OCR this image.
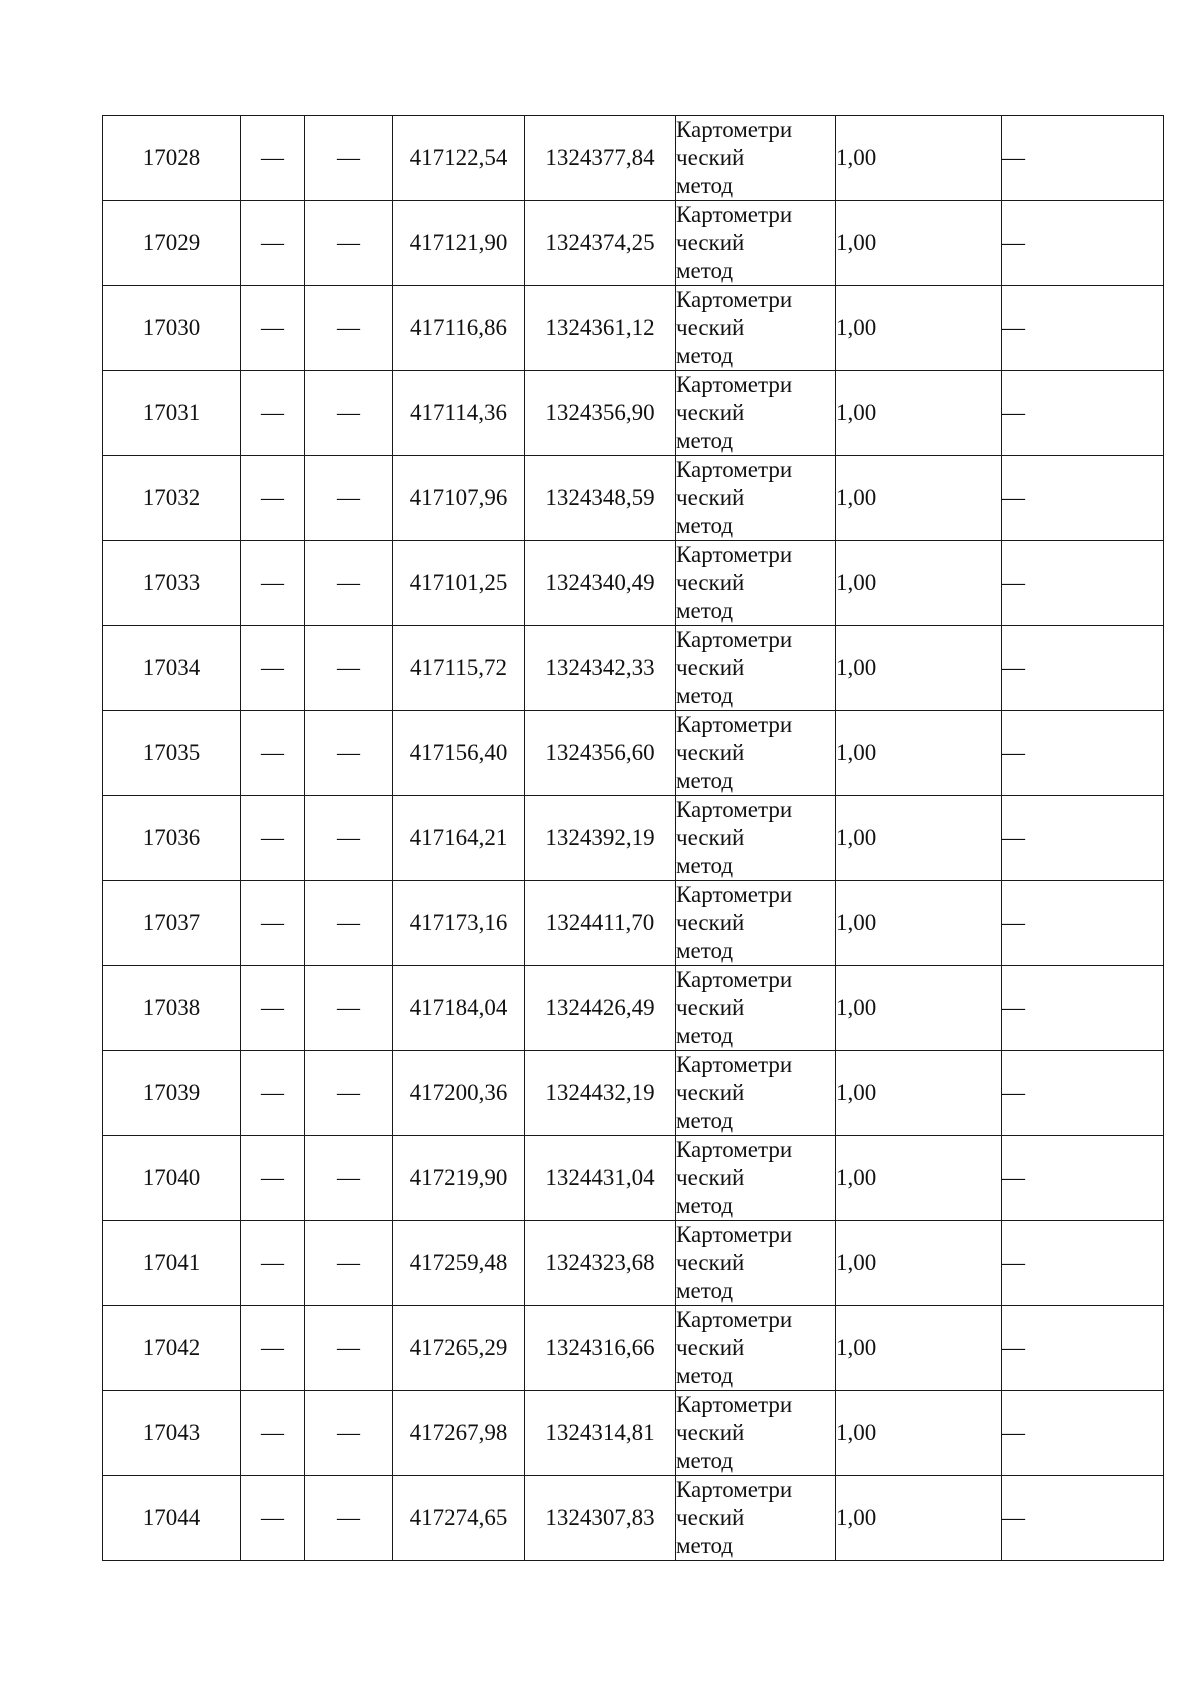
17028	—	—	417122,54	1324377,84	Картометри
ческий
метод	1,00	—
17029	—	—	417121,90	1324374,25	Картометри
ческий
метод	1,00	—
17030	—	—	417116,86	1324361,12	Картометри
ческий
метод	1,00	—
17031	—	—	417114,36	1324356,90	Картометри
ческий
метод	1,00	—
17032	—	—	417107,96	1324348,59	Картометри
ческий
метод	1,00	—
17033	—	—	417101,25	1324340,49	Картометри
ческий
метод	1,00	—
17034	—	—	417115,72	1324342,33	Картометри
ческий
метод	1,00	—
17035	—	—	417156,40	1324356,60	Картометри
ческий
метод	1,00	—
17036	—	—	417164,21	1324392,19	Картометри
ческий
метод	1,00	—
17037	—	—	417173,16	1324411,70	Картометри
ческий
метод	1,00	—
17038	—	—	417184,04	1324426,49	Картометри
ческий
метод	1,00	—
17039	—	—	417200,36	1324432,19	Картометри
ческий
метод	1,00	—
17040	—	—	417219,90	1324431,04	Картометри
ческий
метод	1,00	—
17041	—	—	417259,48	1324323,68	Картометри
ческий
метод	1,00	—
17042	—	—	417265,29	1324316,66	Картометри
ческий
метод	1,00	—
17043	—	—	417267,98	1324314,81	Картометри
ческий
метод	1,00	—
17044	—	—	417274,65	1324307,83	Картометри
ческий
метод	1,00	—
